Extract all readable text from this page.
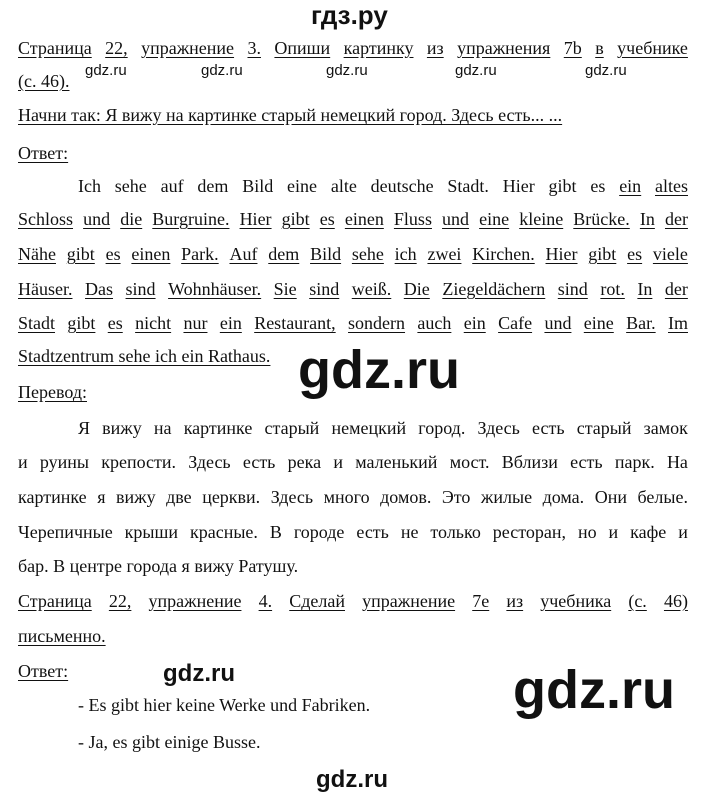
гдз.ру
Страница 22, упражнение 3. Опиши картинку из упражнения 7b в учебнике
(с. 46).
gdz.ru	gdz.ru	gdz.ru	gdz.ru	gdz.ru
Начни так: Я вижу на картинке старый немецкий город. Здесь есть... ...
Ответ:
Ich sehe auf dem Bild eine alte deutsche Stadt. Hier gibt es ein altes
Schloss und die Burgruine. Hier gibt es einen Fluss und eine kleine Brücke. In der
Nähe gibt es einen Park. Auf dem Bild sehe ich zwei Kirchen. Hier gibt es viele
Häuser. Das sind Wohnhäuser. Sie sind weiß. Die Ziegeldächern sind rot. In der
Stadt gibt es nicht nur ein Restaurant, sondern auch ein Cafe und eine Bar. Im
Stadtzentrum sehe ich ein Rathaus. gdz.ru
Перевод:
Я вижу на картинке старый немецкий город. Здесь есть старый замок
и руины крепости. Здесь есть река и маленький мост. Вблизи есть парк. На
картинке я вижу две церкви. Здесь много домов. Это жилые дома. Они белые.
Черепичные крыши красные. В городе есть не только ресторан, но и кафе и
бар. В центре города я вижу Ратушу.
Страница 22, упражнение 4. Сделай упражнение 7e из учебника (с. 46)
письменно.
Ответ:	gdz.ru	gdz.ru
- Es gibt hier keine Werke und Fabriken.
- Ja, es gibt einige Busse.
gdz.ru
